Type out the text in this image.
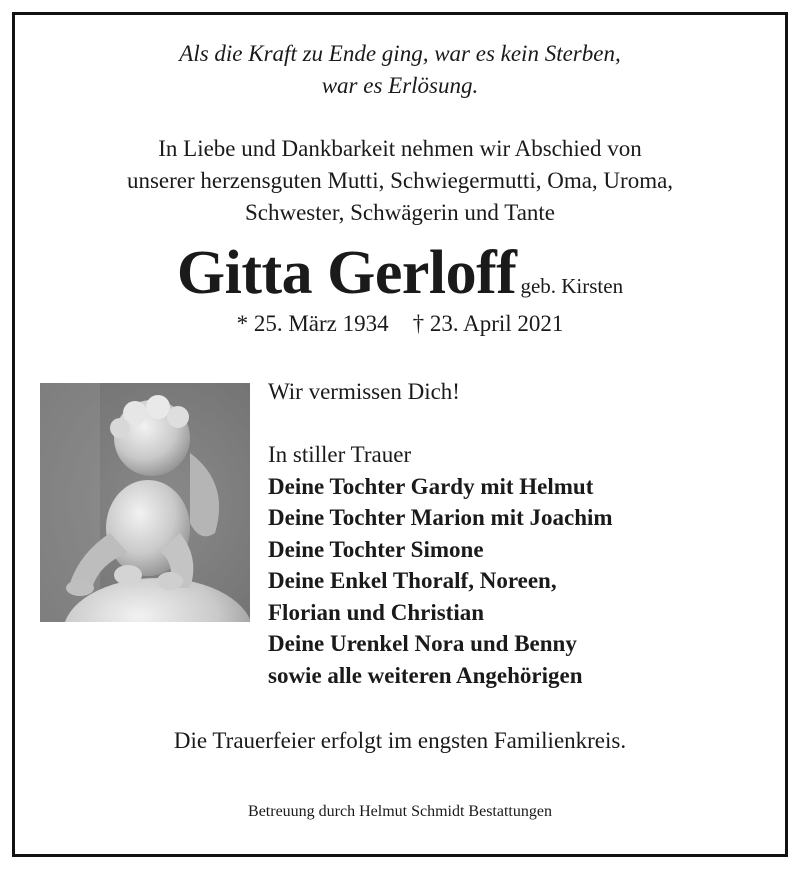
Als die Kraft zu Ende ging, war es kein Sterben,
war es Erlösung.
In Liebe und Dankbarkeit nehmen wir Abschied von
unserer herzensguten Mutti, Schwiegermutti, Oma, Uroma,
Schwester, Schwägerin und Tante
Gitta Gerloff geb. Kirsten
* 25. März 1934 † 23. April 2021
Wir vermissen Dich!
In stiller Trauer
Deine Tochter Gardy mit Helmut
Deine Tochter Marion mit Joachim
Deine Tochter Simone
Deine Enkel Thoralf, Noreen,
Florian und Christian
Deine Urenkel Nora und Benny
sowie alle weiteren Angehörigen
Die Trauerfeier erfolgt im engsten Familienkreis.
Betreuung durch Helmut Schmidt Bestattungen
